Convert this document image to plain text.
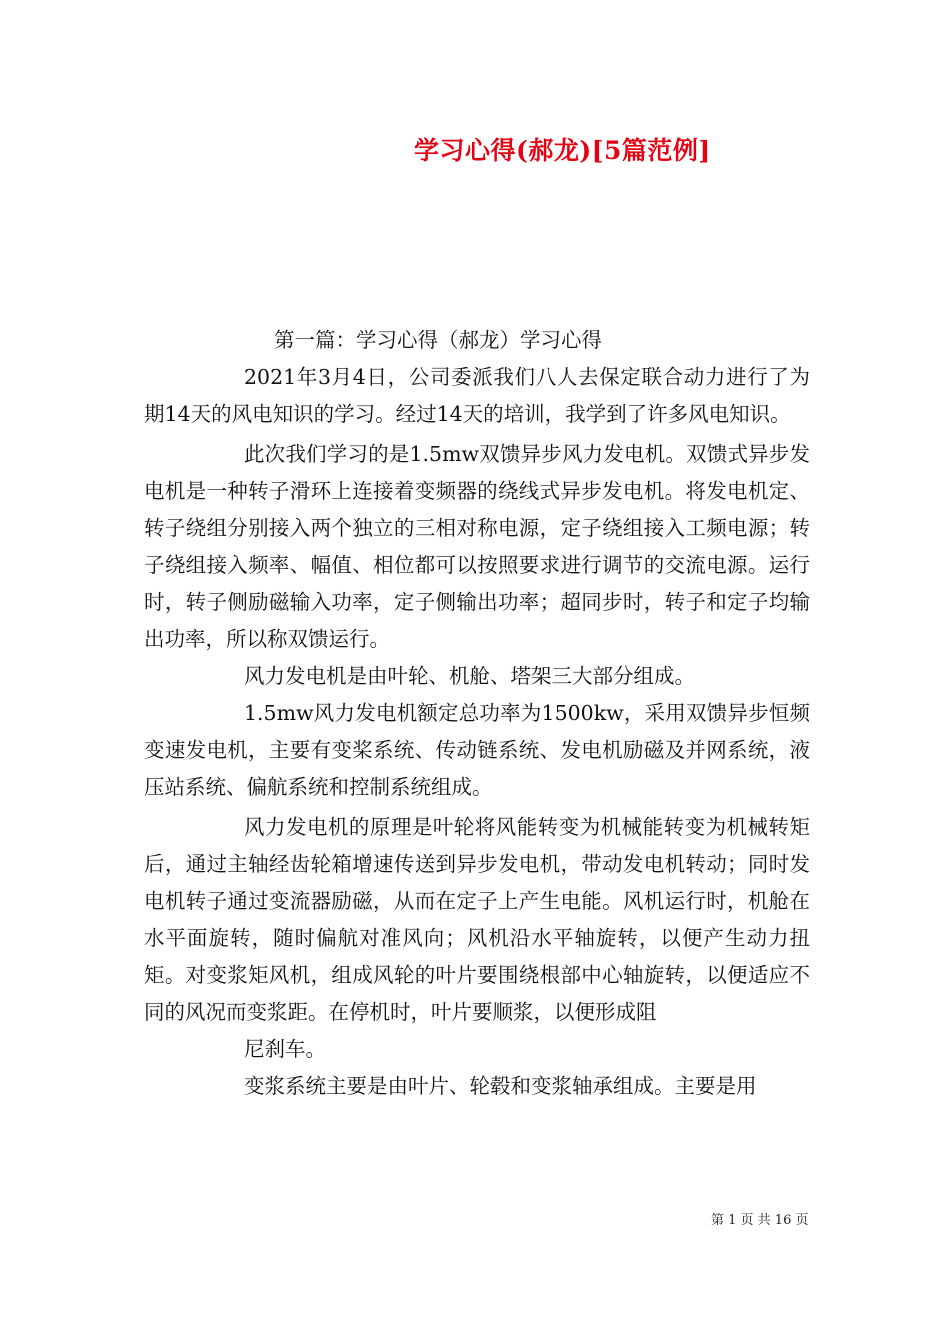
学习心得(郝龙)[5篇范例]
第一篇：学习心得（郝龙）学习心得

2021年3月4日，公司委派我们八人去保定联合动力进行了为期14天的风电知识的学习。经过14天的培训，我学到了许多风电知识。

此次我们学习的是1.5mw双馈异步风力发电机。双馈式异步发电机是一种转子滑环上连接着变频器的绕线式异步发电机。将发电机定、转子绕组分别接入两个独立的三相对称电源，定子绕组接入工频电源；转子绕组接入频率、幅值、相位都可以按照要求进行调节的交流电源。运行时，转子侧励磁输入功率，定子侧输出功率；超同步时，转子和定子均输出功率，所以称双馈运行。

风力发电机是由叶轮、机舱、塔架三大部分组成。

1.5mw风力发电机额定总功率为1500kw，采用双馈异步恒频变速发电机，主要有变桨系统、传动链系统、发电机励磁及并网系统，液压站系统、偏航系统和控制系统组成。

风力发电机的原理是叶轮将风能转变为机械能转变为机械转矩后，通过主轴经齿轮箱增速传送到异步发电机，带动发电机转动；同时发电机转子通过变流器励磁，从而在定子上产生电能。风机运行时，机舱在水平面旋转，随时偏航对准风向；风机沿水平轴旋转，以便产生动力扭矩。对变浆矩风机，组成风轮的叶片要围绕根部中心轴旋转，以便适应不同的风况而变浆距。在停机时，叶片要顺浆，以便形成阻

尼刹车。

变浆系统主要是由叶片、轮毂和变浆轴承组成。主要是用

第 1 页 共 16 页
